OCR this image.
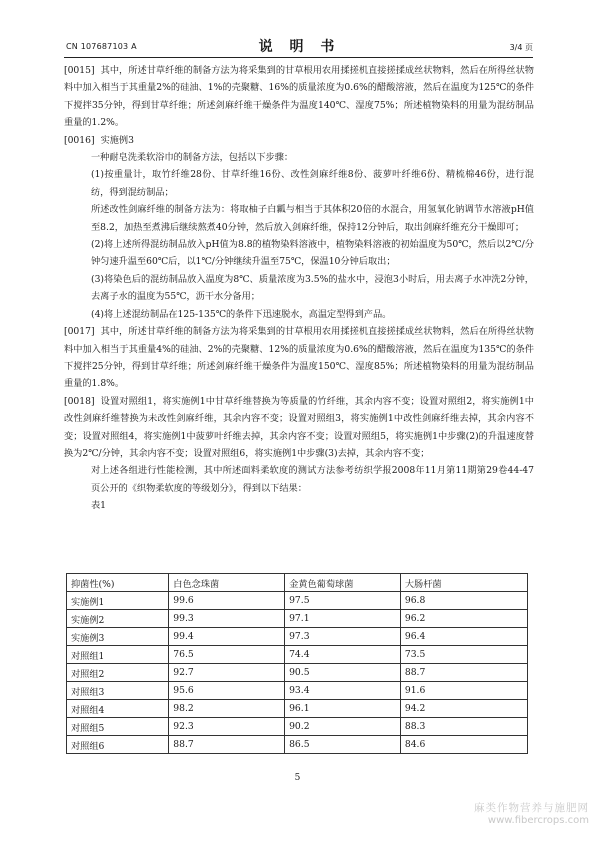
CN 107687103 A	说 明 书	3/4 页

[0015] 其中，所述甘草纤维的制备方法为将采集到的甘草根用农用揉搓机直接搓揉成丝状物料，然后在所得丝状物料中加入相当于其重量2%的硅油、1%的壳聚糖、16%的质量浓度为0.6%的醋酸溶液，然后在温度为125℃的条件下搅拌35分钟，得到甘草纤维；所述剑麻纤维干燥条件为温度140℃、湿度75%；所述植物染料的用量为混纺制品重量的1.2%。

[0016] 实施例3

一种耐皂洗柔软浴巾的制备方法，包括以下步骤：

(1)按重量计，取竹纤维28份、甘草纤维16份、改性剑麻纤维8份、菠萝叶纤维6份、精梳棉46份，进行混纺，得到混纺制品；

所述改性剑麻纤维的制备方法为：将取柚子白瓤与相当于其体积20倍的水混合，用氢氧化钠调节水溶液pH值至8.2，加热至煮沸后继续熬煮40分钟，然后放入剑麻纤维，保持12分钟后，取出剑麻纤维充分干燥即可；

(2)将上述所得混纺制品放入pH值为8.8的植物染料溶液中，植物染料溶液的初始温度为50℃，然后以2℃/分钟匀速升温至60℃后，以1℃/分钟继续升温至75℃，保温10分钟后取出；

(3)将染色后的混纺制品放入温度为8℃、质量浓度为3.5%的盐水中，浸泡3小时后，用去离子水冲洗2分钟，去离子水的温度为55℃，沥干水分备用；

(4)将上述混纺制品在125-135℃的条件下迅速脱水，高温定型得到产品。

[0017] 其中，所述甘草纤维的制备方法为将采集到的甘草根用农用揉搓机直接搓揉成丝状物料，然后在所得丝状物料中加入相当于其重量4%的硅油、2%的壳聚糖、12%的质量浓度为0.6%的醋酸溶液，然后在温度为135℃的条件下搅拌25分钟，得到甘草纤维；所述剑麻纤维干燥条件为温度150℃、湿度85%；所述植物染料的用量为混纺制品重量的1.8%。

[0018] 设置对照组1，将实施例1中甘草纤维替换为等质量的竹纤维，其余内容不变；设置对照组2，将实施例1中改性剑麻纤维替换为未改性剑麻纤维，其余内容不变；设置对照组3，将实施例1中改性剑麻纤维去掉，其余内容不变；设置对照组4，将实施例1中菠萝叶纤维去掉，其余内容不变；设置对照组5，将实施例1中步骤(2)的升温速度替换为2℃/分钟，其余内容不变；设置对照组6，将实施例1中步骤(3)去掉，其余内容不变；

对上述各组进行性能检测，其中所述面料柔软度的测试方法参考纺织学报2008年11月第11期第29卷44-47页公开的《织物柔软度的等级划分》，得到以下结果：

表1

抑菌性(%)	白色念珠菌	金黄色葡萄球菌	大肠杆菌
实施例1	99.6	97.5	96.8
实施例2	99.3	97.1	96.2
实施例3	99.4	97.3	96.4
对照组1	76.5	74.4	73.5
对照组2	92.7	90.5	88.7
对照组3	95.6	93.4	91.6
对照组4	98.2	96.1	94.2
对照组5	92.3	90.2	88.3
对照组6	88.7	86.5	84.6
5
麻类作物营养与施肥网
www.fibercrops.com
